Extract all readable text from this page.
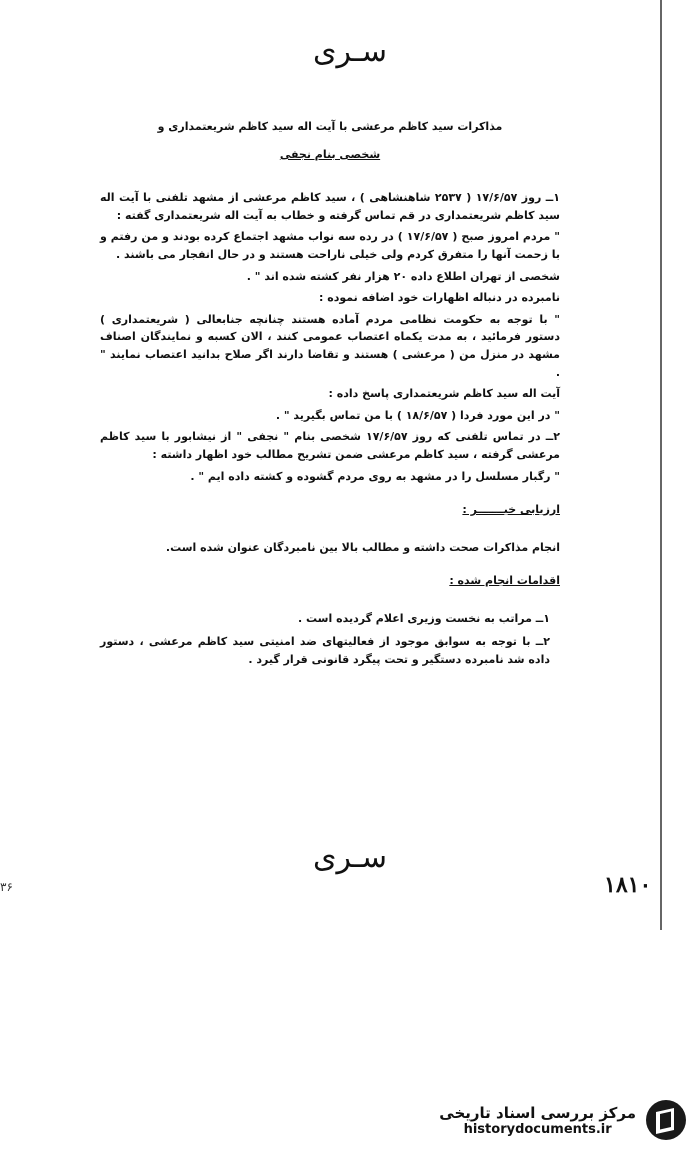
سـرى
مذاكرات سيد كاظم مرعشى با آيت اله سيد كاظم شريعتمدارى و
شخصى بنام نجفى

۱ــ روز ۱۷/۶/۵۷ ( ۲۵۳۷ شاهنشاهى ) ، سيد كاظم مرعشى از مشهد تلفنى با آيت اله سيد كاظم شريعتمدارى در قم تماس گرفته و خطاب به آيت اله شريعتمدارى گفته :

" مردم امروز صبح ( ۱۷/۶/۵۷ ) در رده سه نواب مشهد اجتماع كرده بودند و من رفتم و با زحمت آنها را متفرق كردم ولى خيلى ناراحت هستند و در حال انفجار مى باشند .

شخصى از تهران اطلاع داده ۲۰ هزار نفر كشته شده اند " .

نامبرده در دنباله اظهارات خود اضافه نموده :

" با توجه به حكومت نظامى مردم آماده هستند چنانچه جنابعالى ( شريعتمدارى ) دستور فرمائيد ، به مدت يكماه اعتصاب عمومى كنند ، الان كسبه و نمايندگان اصناف مشهد در منزل من ( مرعشى ) هستند و تقاضا دارند اگر صلاح بدانيد اعتصاب نمايند " .

آيت اله سيد كاظم شريعتمدارى پاسخ داده :

" در اين مورد فردا ( ۱۸/۶/۵۷ ) با من تماس بگيريد " .

۲ــ در تماس تلفنى كه روز ۱۷/۶/۵۷ شخصى بنام " نجفى " از نيشابور با سيد كاظم مرعشى گرفته ، سيد كاظم مرعشى ضمن تشريح مطالب خود اظهار داشته :

" رگبار مسلسل را در مشهد به روى مردم گشوده و كشته داده ايم " .

ارزيابى خبـــــــر :

انجام مذاكرات صحت داشته و مطالب بالا بين نامبردگان عنوان شده است.

اقدامات انجام شده :

۱ــ مراتب به نخست وزيرى اعلام گرديده است .

۲ــ با توجه به سوابق موجود از فعاليتهاى ضد امنيتى سيد كاظم مرعشى ، دستور داده شد نامبرده دستگير و تحت پيگرد قانونى قرار گيرد .

سـرى
۱۸۱۰
۳۶
مركز بررسى اسناد تاريخى
historydocuments.ir
